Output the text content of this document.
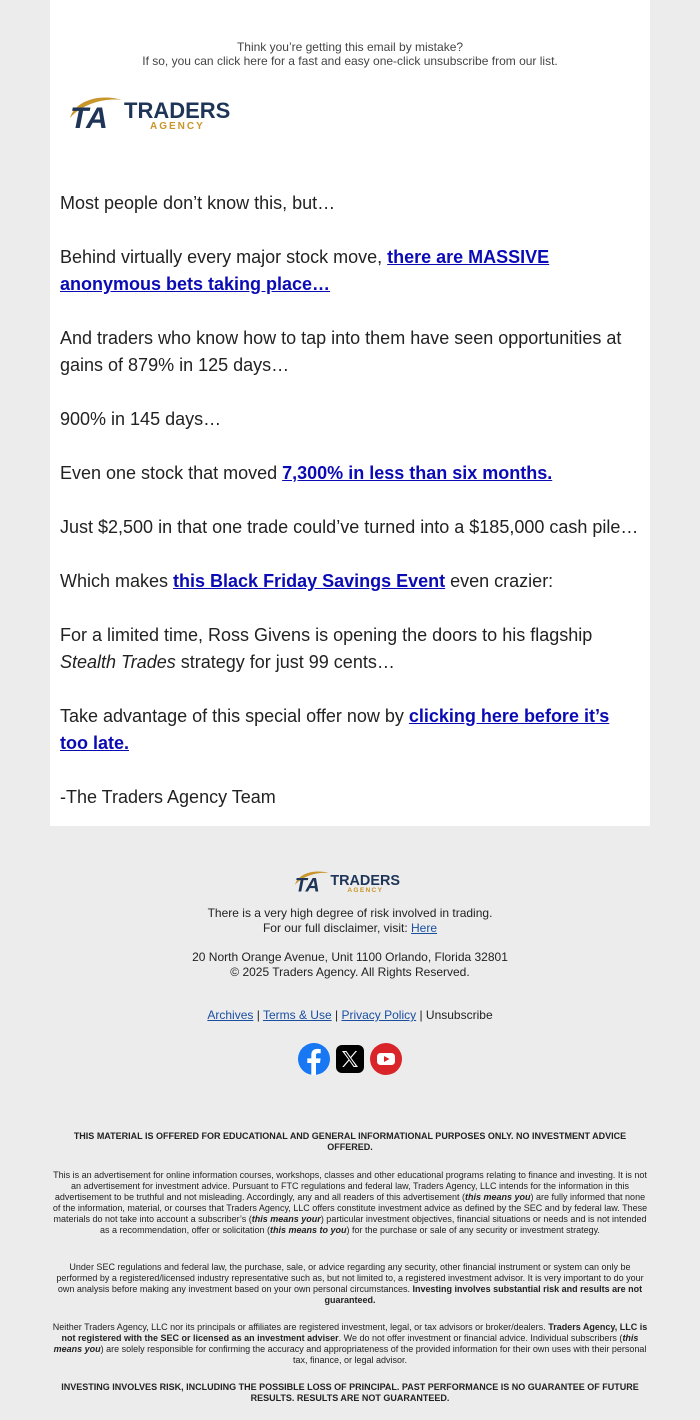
Think you’re getting this email by mistake?
If so, you can click here for a fast and easy one-click unsubscribe from our list.
TA TRADERS
AGENCY

Most people don’t know this, but…

Behind virtually every major stock move, there are MASSIVE anonymous bets taking place…

And traders who know how to tap into them have seen opportunities at gains of 879% in 125 days…

900% in 145 days…

Even one stock that moved 7,300% in less than six months.

Just $2,500 in that one trade could’ve turned into a $185,000 cash pile…

Which makes this Black Friday Savings Event even crazier:

For a limited time, Ross Givens is opening the doors to his flagship Stealth Trades strategy for just 99 cents…

Take advantage of this special offer now by clicking here before it’s too late.

-The Traders Agency Team

TA TRADERS
AGENCY

There is a very high degree of risk involved in trading.

For our full disclaimer, visit: Here

20 North Orange Avenue, Unit 1100 Orlando, Florida 32801

© 2025 Traders Agency. All Rights Reserved.

Archives | Terms & Use | Privacy Policy | Unsubscribe

THIS MATERIAL IS OFFERED FOR EDUCATIONAL AND GENERAL INFORMATIONAL PURPOSES ONLY. NO INVESTMENT ADVICE OFFERED.

This is an advertisement for online information courses, workshops, classes and other educational programs relating to finance and investing. It is not an advertisement for investment advice. Pursuant to FTC regulations and federal law, Traders Agency, LLC intends for the information in this advertisement to be truthful and not misleading. Accordingly, any and all readers of this advertisement (this means you) are fully informed that none of the information, material, or courses that Traders Agency, LLC offers constitute investment advice as defined by the SEC and by federal law. These materials do not take into account a subscriber’s (this means your) particular investment objectives, financial situations or needs and is not intended as a recommendation, offer or solicitation (this means to you) for the purchase or sale of any security or investment strategy.

Under SEC regulations and federal law, the purchase, sale, or advice regarding any security, other financial instrument or system can only be performed by a registered/licensed industry representative such as, but not limited to, a registered investment advisor. It is very important to do your own analysis before making any investment based on your own personal circumstances. Investing involves substantial risk and results are not guaranteed.

Neither Traders Agency, LLC nor its principals or affiliates are registered investment, legal, or tax advisors or broker/dealers. Traders Agency, LLC is not registered with the SEC or licensed as an investment adviser. We do not offer investment or financial advice. Individual subscribers (this means you) are solely responsible for confirming the accuracy and appropriateness of the provided information for their own uses with their personal tax, finance, or legal advisor.

INVESTING INVOLVES RISK, INCLUDING THE POSSIBLE LOSS OF PRINCIPAL. PAST PERFORMANCE IS NO GUARANTEE OF FUTURE RESULTS. RESULTS ARE NOT GUARANTEED.
